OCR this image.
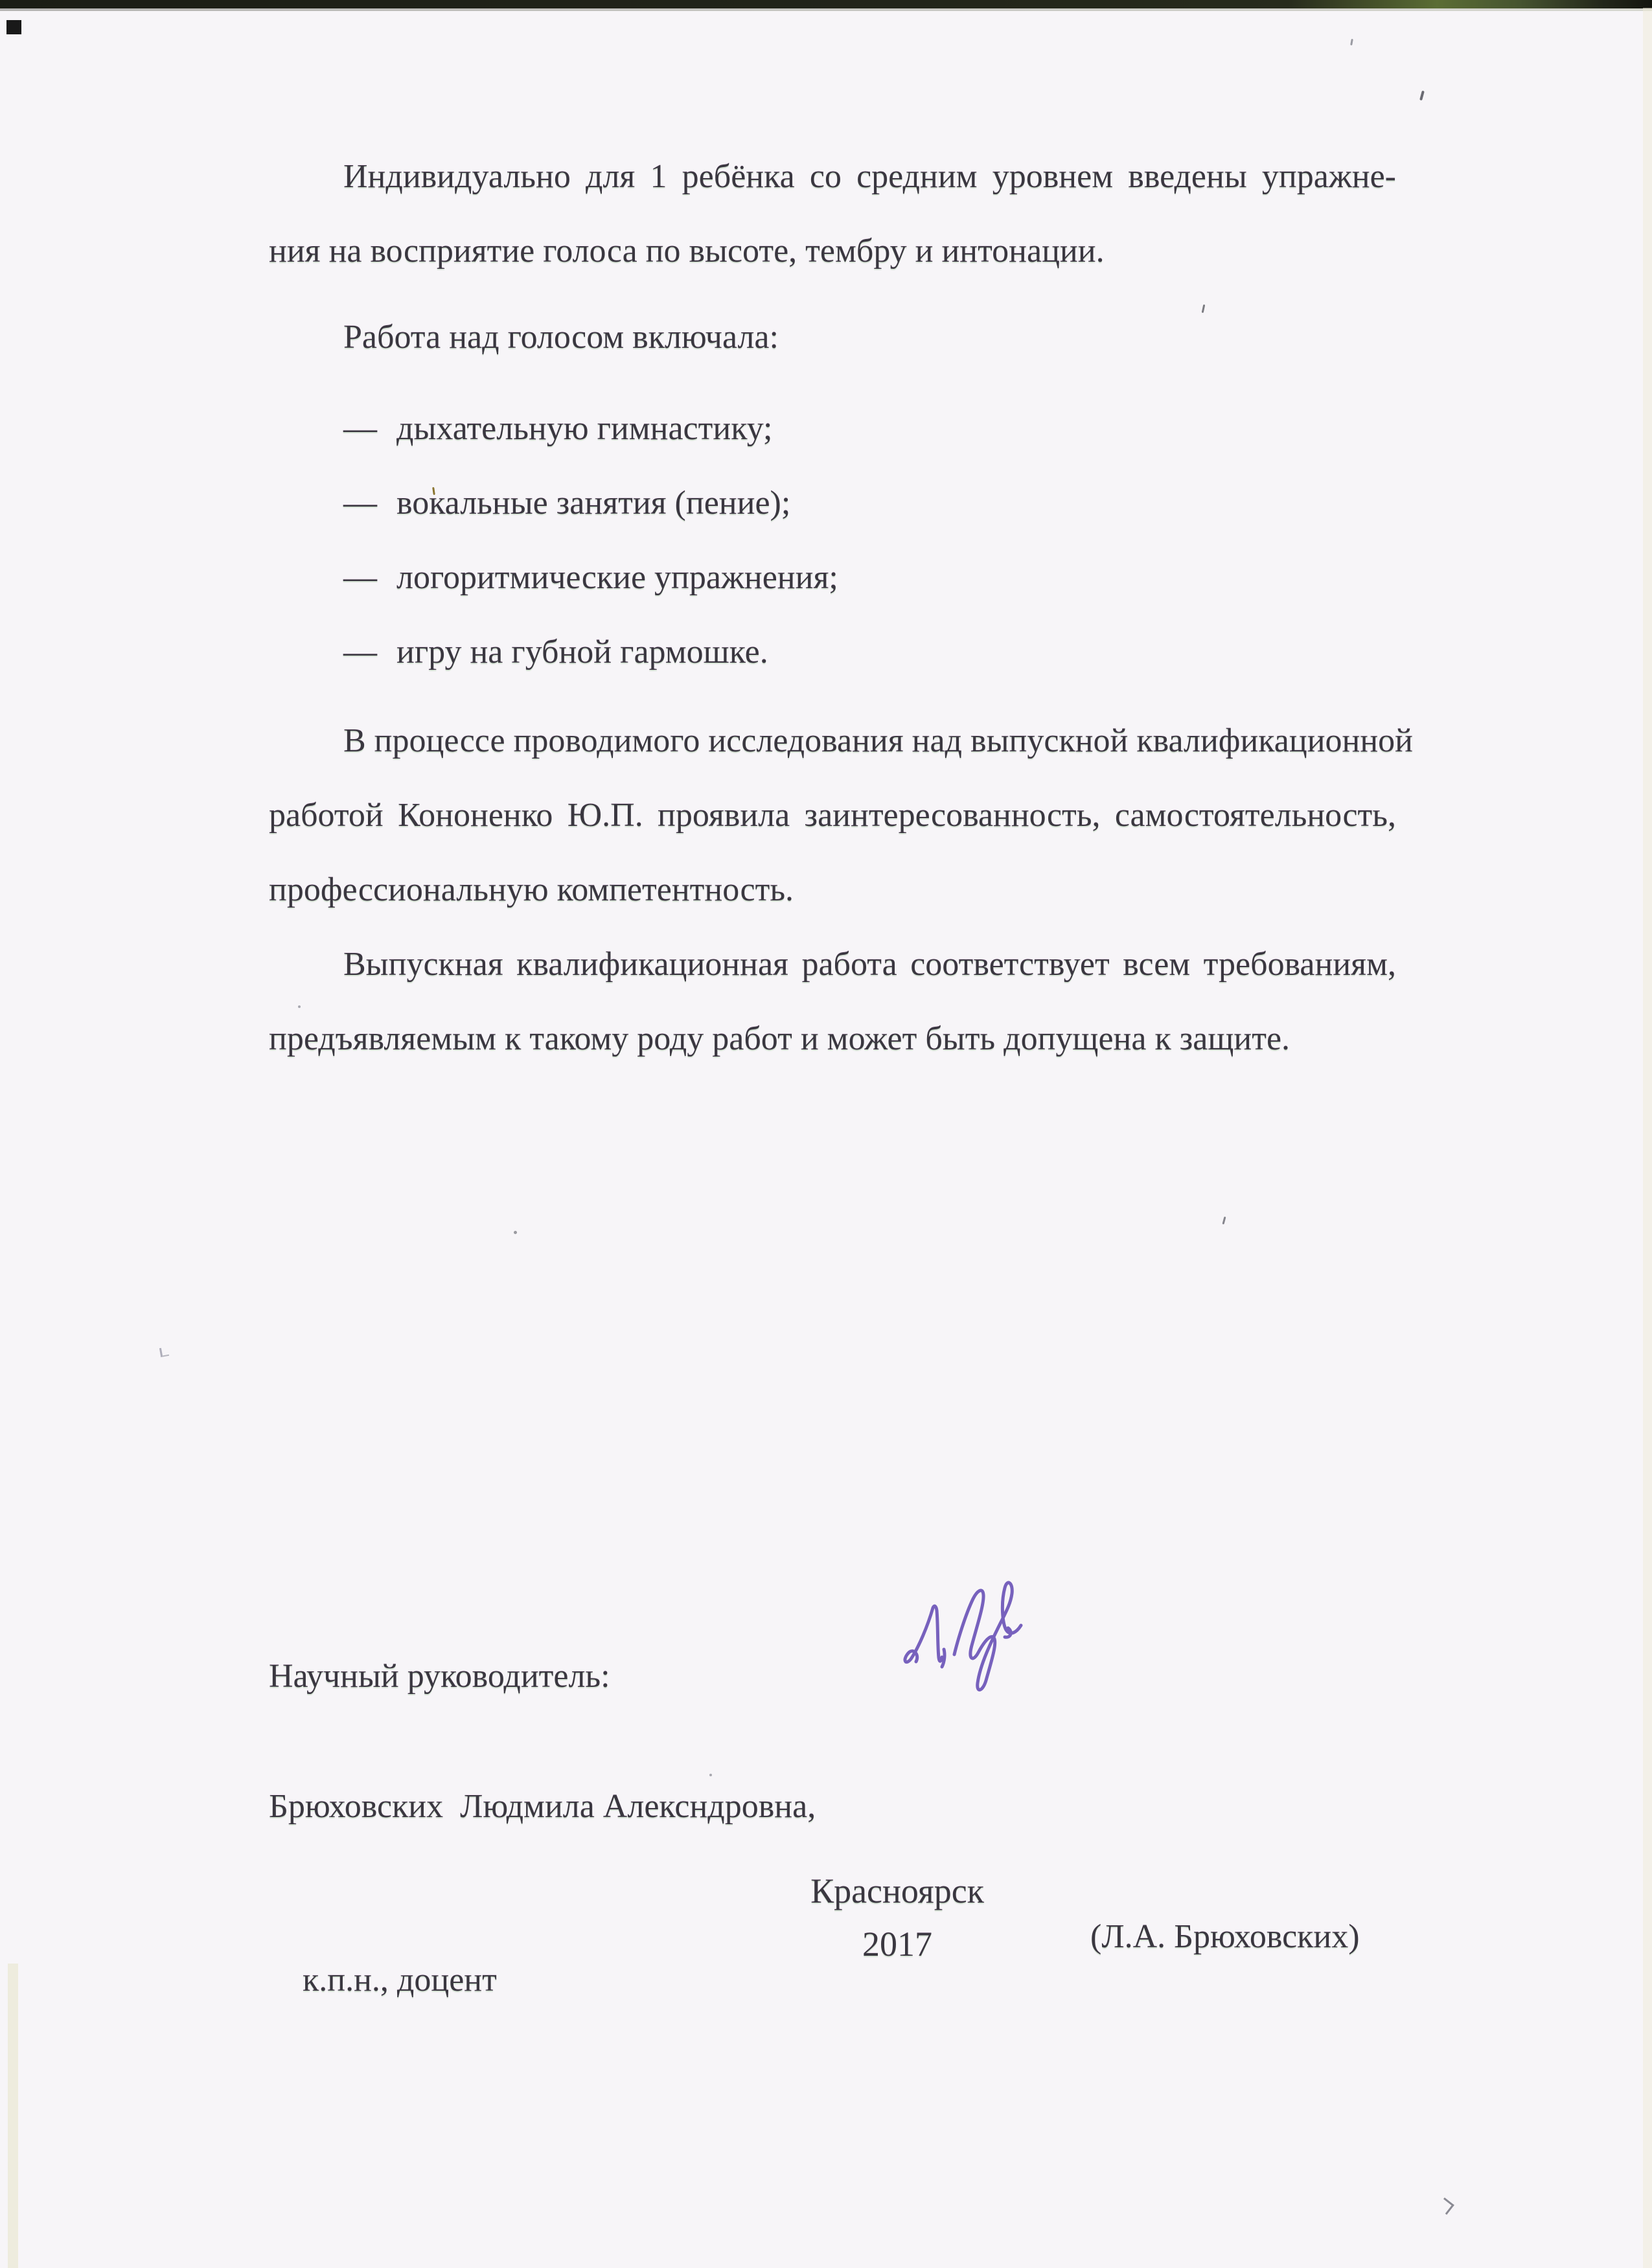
Индивидуально для 1 ребёнка со средним уровнем введены упражне-
ния на восприятие голоса по высоте, тембру и интонации.
Работа над голосом включала:
— дыхательную гимнастику;
— вокальные занятия (пение);
— логоритмические упражнения;
— игру на губной гармошке.
В процессе проводимого исследования над выпускной квалификационной
работой Кононенко Ю.П. проявила заинтересованность, самостоятельность,
профессиональную компетентность.
Выпускная квалификационная работа соответствует всем требованиям,
предъявляемым к такому роду работ и может быть допущена к защите.

Научный руководитель:

Брюховских  Людмила Алексндровна,

к.п.н., доцент

(Л.А. Брюховских)

Красноярск
2017
